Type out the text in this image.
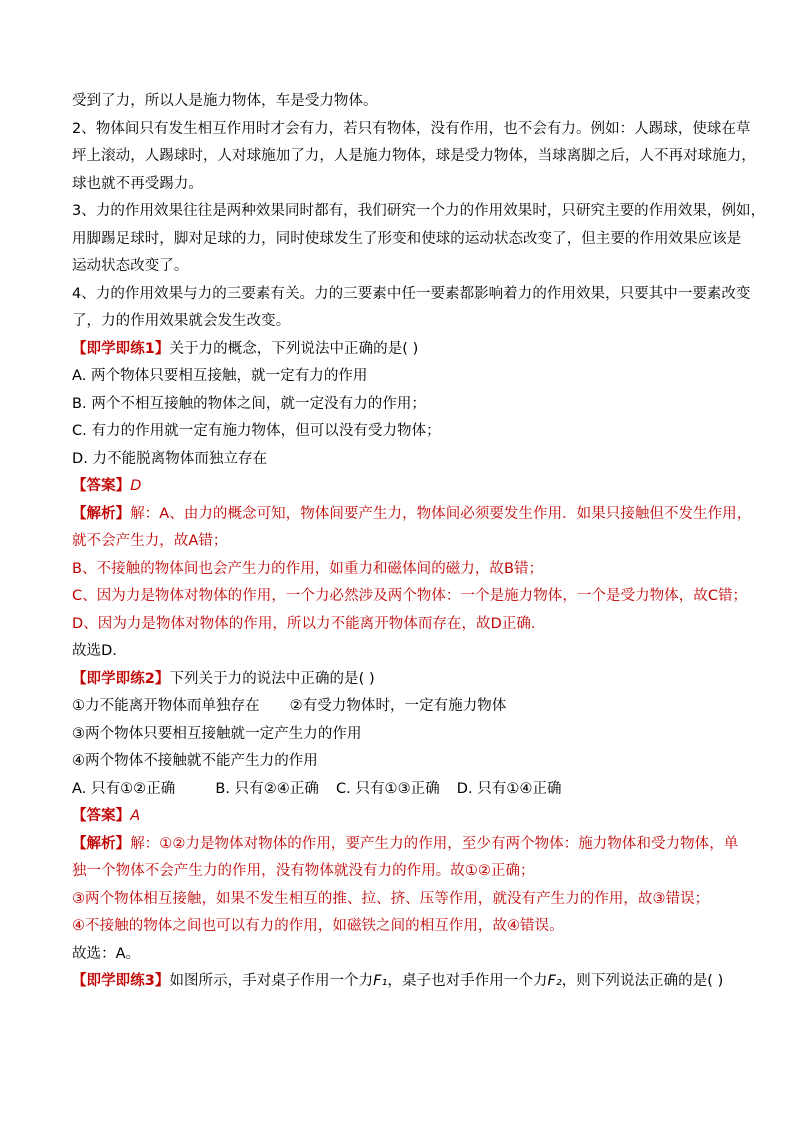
受到了力，所以人是施力物体，车是受力物体。
2、物体间只有发生相互作用时才会有力，若只有物体，没有作用，也不会有力。例如：人踢球，使球在草
坪上滚动，人踢球时，人对球施加了力，人是施力物体，球是受力物体，当球离脚之后，人不再对球施力，
球也就不再受踢力。
3、力的作用效果往往是两种效果同时都有，我们研究一个力的作用效果时，只研究主要的作用效果，例如，
用脚踢足球时，脚对足球的力，同时使球发生了形变和使球的运动状态改变了，但主要的作用效果应该是
运动状态改变了。
4、力的作用效果与力的三要素有关。力的三要素中任一要素都影响着力的作用效果，只要其中一要素改变
了，力的作用效果就会发生改变。
【即学即练1】关于力的概念，下列说法中正确的是( )
A. 两个物体只要相互接触，就一定有力的作用
B. 两个不相互接触的物体之间，就一定没有力的作用；
C. 有力的作用就一定有施力物体，但可以没有受力物体；
D. 力不能脱离物体而独立存在
【答案】D
【解析】解：A、由力的概念可知，物体间要产生力，物体间必须要发生作用．如果只接触但不发生作用，
就不会产生力，故A错；
B、不接触的物体间也会产生力的作用，如重力和磁体间的磁力，故B错；
C、因为力是物体对物体的作用，一个力必然涉及两个物体：一个是施力物体，一个是受力物体，故C错；
D、因为力是物体对物体的作用，所以力不能离开物体而存在，故D正确．
故选D．
【即学即练2】下列关于力的说法中正确的是( )
①力不能离开物体而单独存在 ②有受力物体时，一定有施力物体
③两个物体只要相互接触就一定产生力的作用
④两个物体不接触就不能产生力的作用
A. 只有①②正确	B. 只有②④正确 C. 只有①③正确 D. 只有①④正确
【答案】A
【解析】解：①②力是物体对物体的作用，要产生力的作用，至少有两个物体：施力物体和受力物体，单
独一个物体不会产生力的作用，没有物体就没有力的作用。故①②正确；
③两个物体相互接触，如果不发生相互的推、拉、挤、压等作用，就没有产生力的作用，故③错误；
④不接触的物体之间也可以有力的作用，如磁铁之间的相互作用，故④错误。
故选：A。
【即学即练3】如图所示，手对桌子作用一个力F₁，桌子也对手作用一个力F₂，则下列说法正确的是( )
